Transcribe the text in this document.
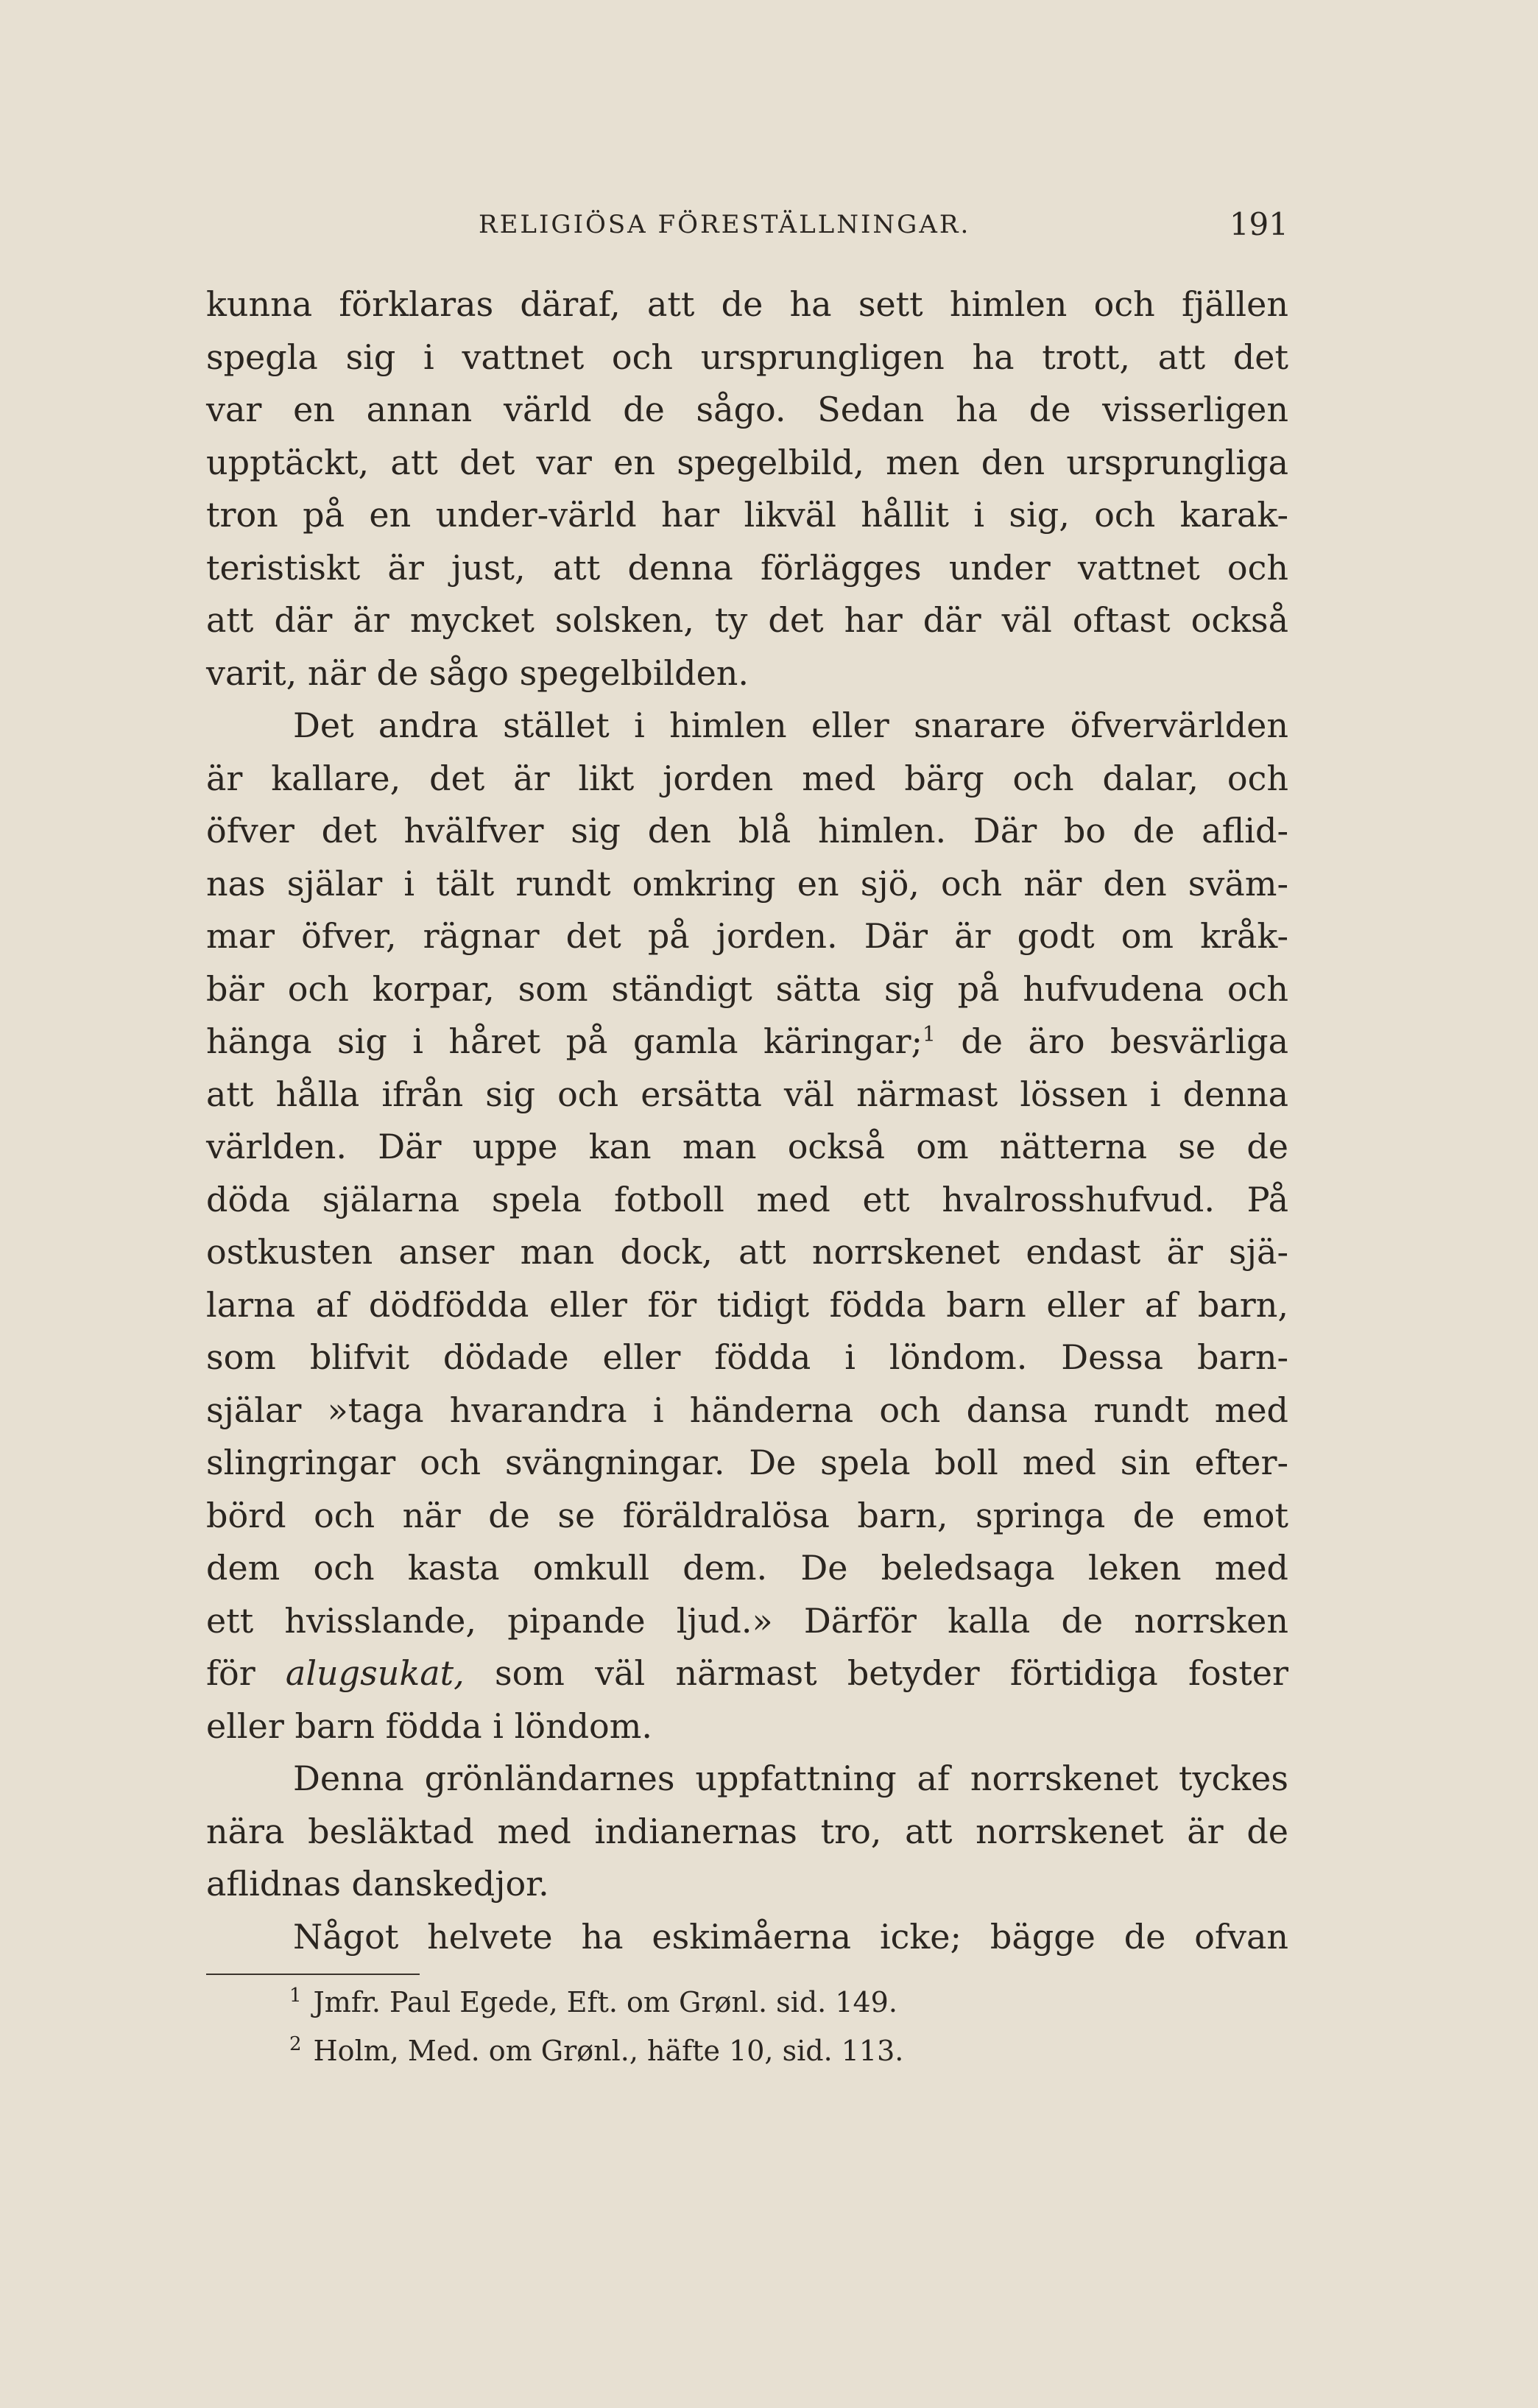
RELIGIÖSA FÖRESTÄLLNINGAR.	191
kunna förklaras däraf, att de ha sett himlen och fjällen
spegla sig i vattnet och ursprungligen ha trott, att det
var en annan värld de sågo. Sedan ha de visserligen
upptäckt, att det var en spegelbild, men den ursprungliga
tron på en under-värld har likväl hållit i sig, och karak-
teristiskt är just, att denna förlägges under vattnet och
att där är mycket solsken, ty det har där väl oftast också
varit, när de sågo spegelbilden.
Det andra stället i himlen eller snarare öfvervärlden
är kallare, det är likt jorden med bärg och dalar, och
öfver det hvälfver sig den blå himlen. Där bo de aflid-
nas själar i tält rundt omkring en sjö, och när den sväm-
mar öfver, rägnar det på jorden. Där är godt om kråk-
bär och korpar, som ständigt sätta sig på hufvudena och
hänga sig i håret på gamla käringar;$^1$ de äro besvärliga
att hålla ifrån sig och ersätta väl närmast lössen i denna
världen. Där uppe kan man också om nätterna se de
döda själarna spela fotboll med ett hvalrosshufvud. På
ostkusten anser man dock, att norrskenet endast är sjä-
larna af dödfödda eller för tidigt födda barn eller af barn,
som blifvit dödade eller födda i löndom. Dessa barn-
själar »taga hvarandra i händerna och dansa rundt med
slingringar och svängningar. De spela boll med sin efter-
börd och när de se föräldralösa barn, springa de emot
dem och kasta omkull dem. De beledsaga leken med
ett hvisslande, pipande ljud.» Därför kalla de norrsken
för alugsukat, som väl närmast betyder förtidiga foster
eller barn födda i löndom.
Denna grönländarnes uppfattning af norrskenet tyckes
nära besläktad med indianernas tro, att norrskenet är de
aflidnas danskedjor.
Något helvete ha eskimåerna icke; bägge de ofvan
$^1$ Jmfr. Paul Egede, Eft. om Grønl. sid. 149.
$^2$ Holm, Med. om Grønl., häfte 10, sid. 113.
